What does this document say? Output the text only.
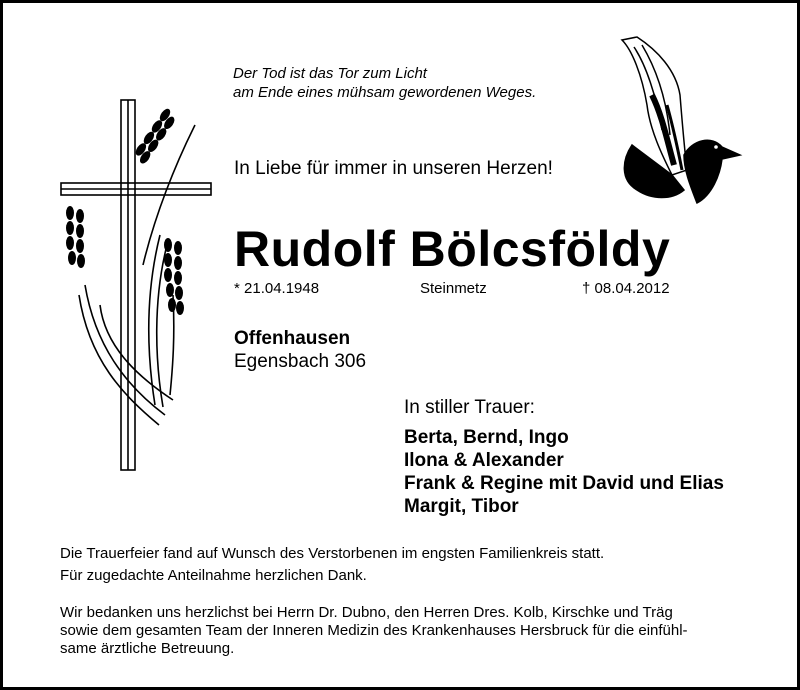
Der Tod ist das Tor zum Licht
am Ende eines mühsam gewordenen Weges.
In Liebe für immer in unseren Herzen!
Rudolf Bölcsföldy
* 21.04.1948	Steinmetz	† 08.04.2012
Offenhausen
Egensbach 306
In stiller Trauer:
Berta, Bernd, Ingo
Ilona & Alexander
Frank & Regine mit David und Elias
Margit, Tibor
Die Trauerfeier fand auf Wunsch des Verstorbenen im engsten Familienkreis statt.
Für zugedachte Anteilnahme herzlichen Dank.
Wir bedanken uns herzlichst bei Herrn Dr. Dubno, den Herren Dres. Kolb, Kirschke und Träg
sowie dem gesamten Team der Inneren Medizin des Krankenhauses Hersbruck für die einfühl-
same ärztliche Betreuung.
